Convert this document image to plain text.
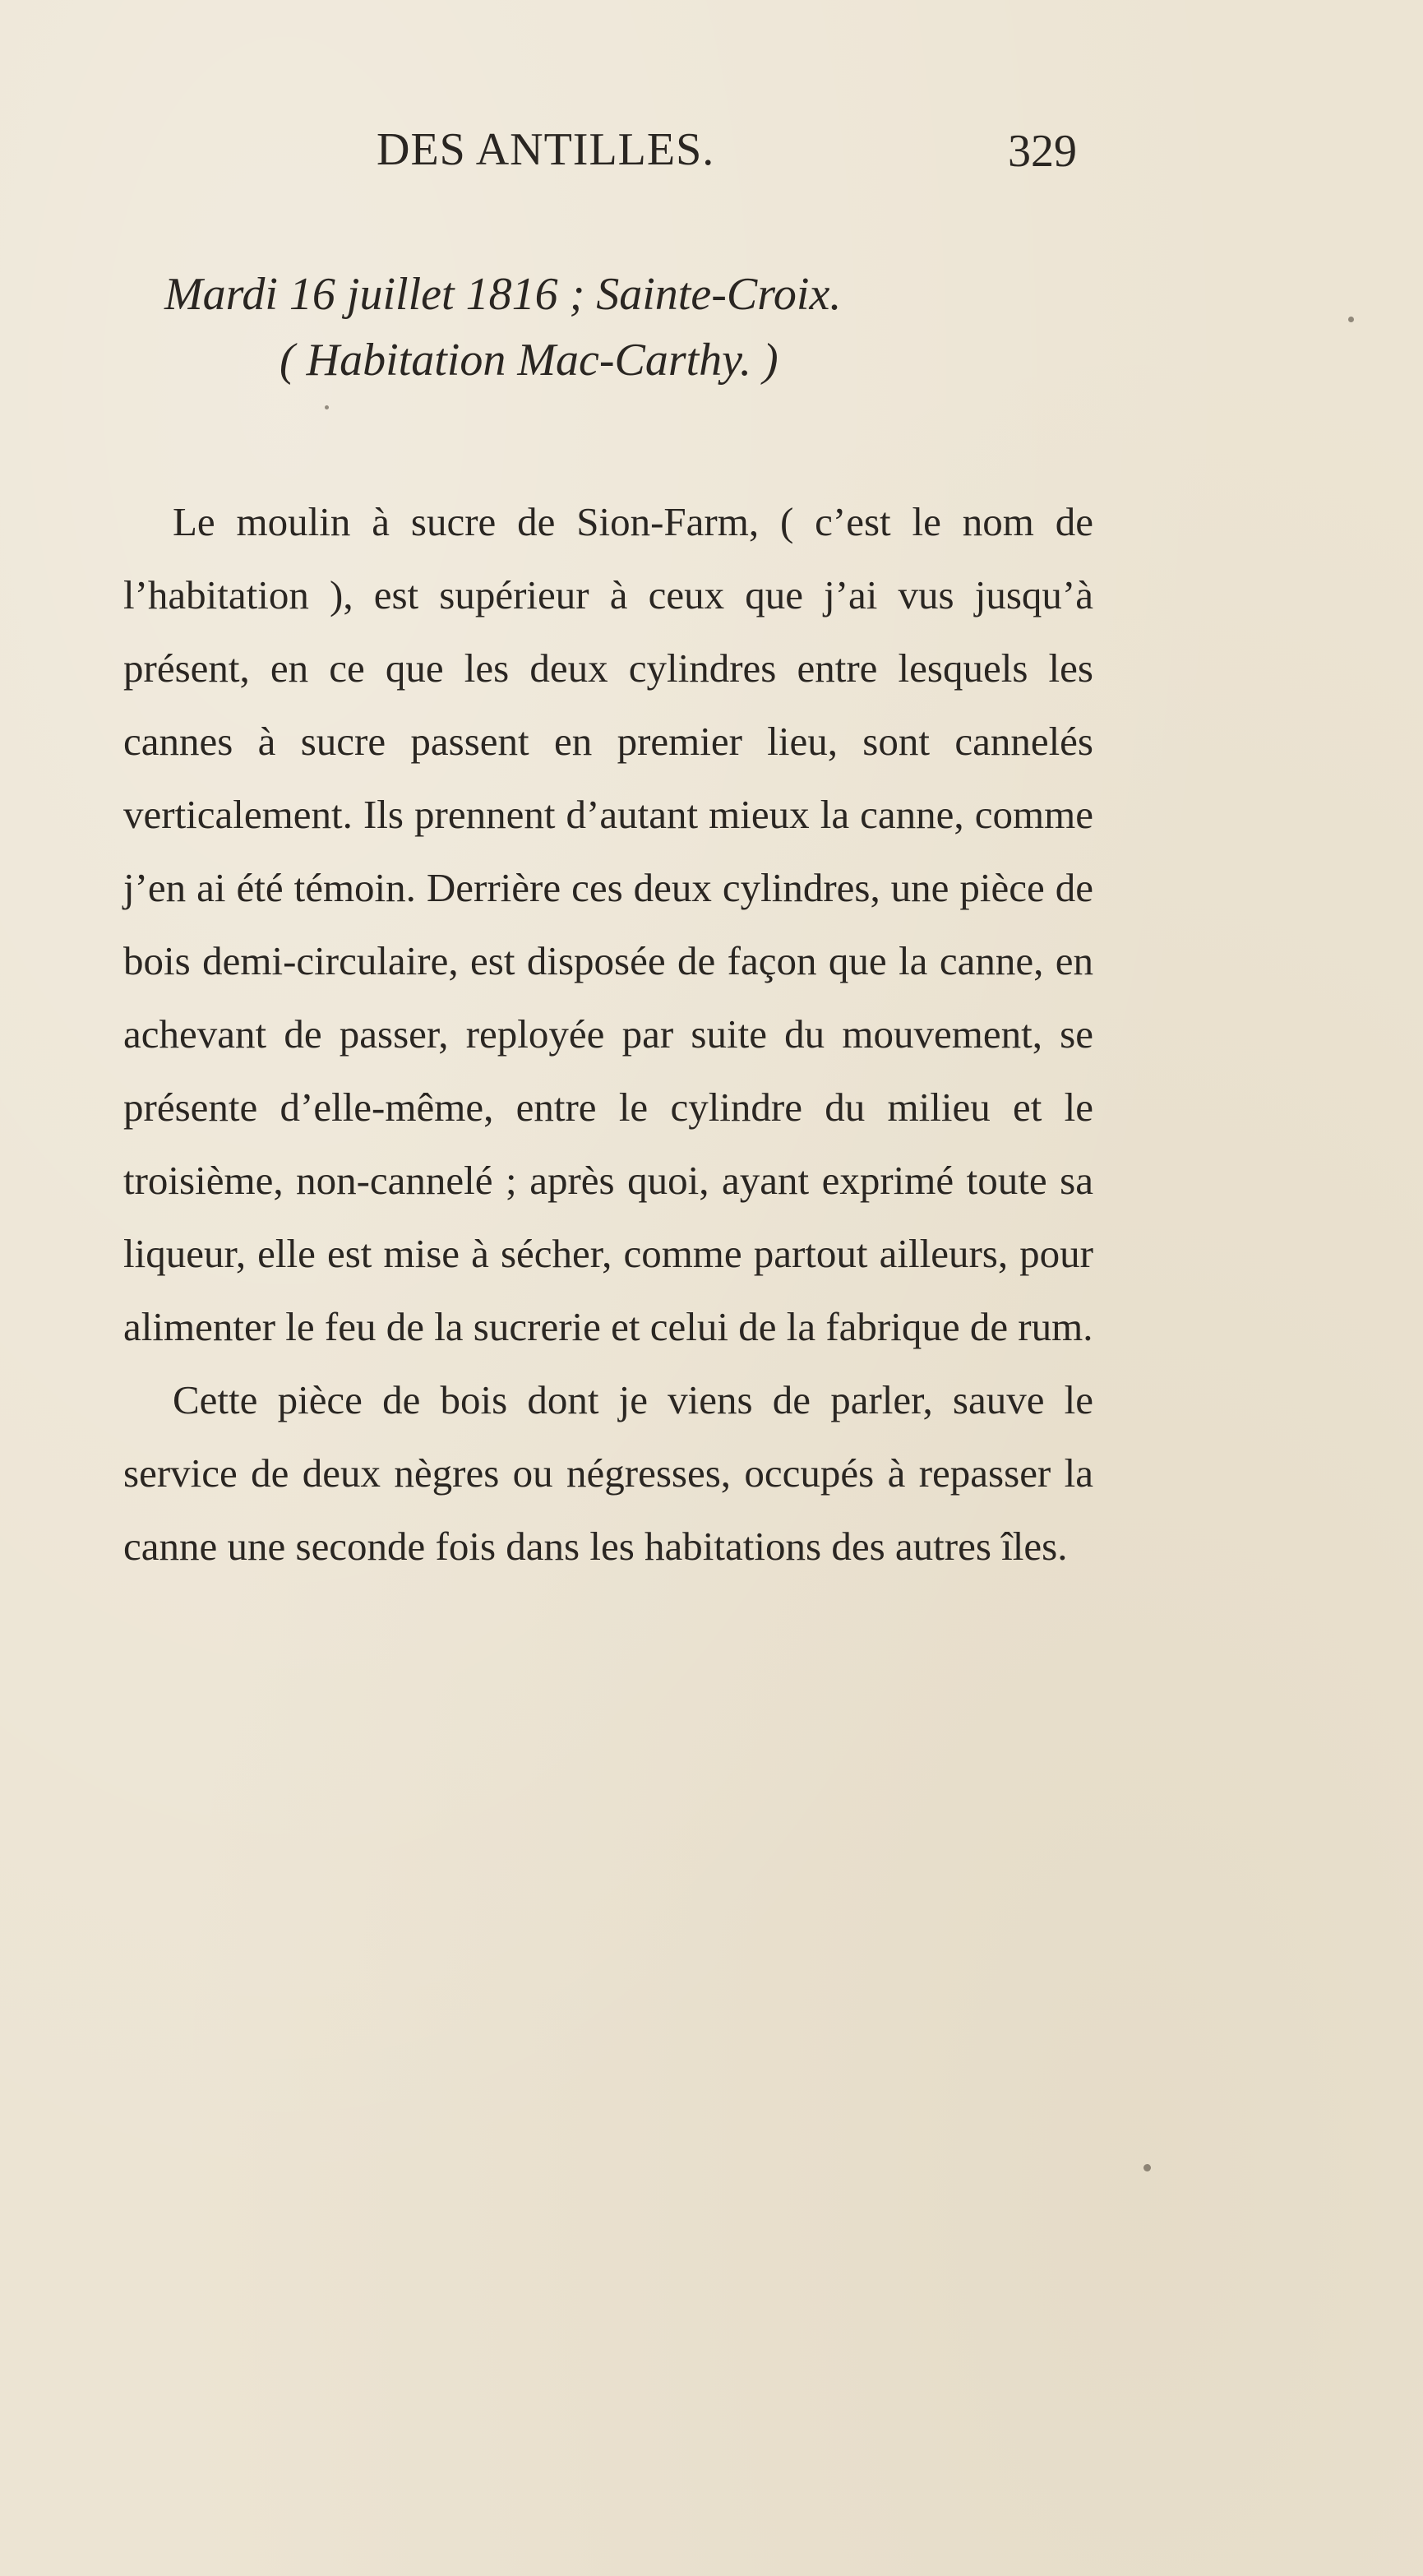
DES ANTILLES.	329
Mardi 16 juillet 1816 ; Sainte-Croix.
( Habitation Mac-Carthy. )

Le moulin à sucre de Sion-Farm, ( c’est le nom de l’habitation ), est supérieur à ceux que j’ai vus jusqu’à présent, en ce que les deux cylindres entre lesquels les cannes à sucre passent en premier lieu, sont cannelés verticalement. Ils prennent d’autant mieux la canne, comme j’en ai été témoin. Derrière ces deux cylindres, une pièce de bois demi-circulaire, est disposée de façon que la canne, en achevant de passer, reployée par suite du mouvement, se présente d’elle-même, entre le cylindre du milieu et le troisième, non-cannelé ; après quoi, ayant exprimé toute sa liqueur, elle est mise à sécher, comme partout ailleurs, pour alimenter le feu de la sucrerie et celui de la fabrique de rum.

Cette pièce de bois dont je viens de parler, sauve le service de deux nègres ou négresses, occupés à repasser la canne une seconde fois dans les habitations des autres îles.
